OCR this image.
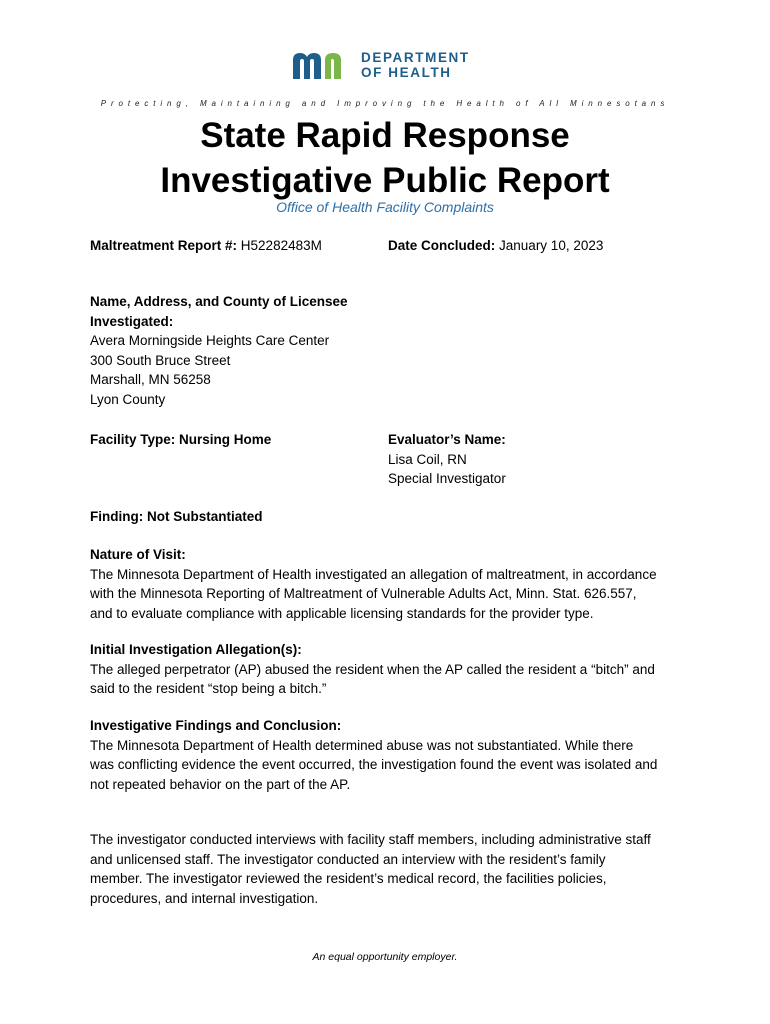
DEPARTMENT
OF HEALTH
Protecting, Maintaining and Improving the Health of All Minnesotans
State Rapid Response
Investigative Public Report
Office of Health Facility Complaints
Maltreatment Report #: H52282483M	Date Concluded: January 10, 2023
Name, Address, and County of Licensee
Investigated:
Avera Morningside Heights Care Center
300 South Bruce Street
Marshall, MN 56258
Lyon County
Facility Type: Nursing Home	Evaluator’s Name:
Lisa Coil, RN
Special Investigator
Finding: Not Substantiated
Nature of Visit:
The Minnesota Department of Health investigated an allegation of maltreatment, in accordance
with the Minnesota Reporting of Maltreatment of Vulnerable Adults Act, Minn. Stat. 626.557,
and to evaluate compliance with applicable licensing standards for the provider type.
Initial Investigation Allegation(s):
The alleged perpetrator (AP) abused the resident when the AP called the resident a “bitch” and
said to the resident “stop being a bitch.”
Investigative Findings and Conclusion:
The Minnesota Department of Health determined abuse was not substantiated. While there
was conflicting evidence the event occurred, the investigation found the event was isolated and
not repeated behavior on the part of the AP.
The investigator conducted interviews with facility staff members, including administrative staff
and unlicensed staff. The investigator conducted an interview with the resident’s family
member. The investigator reviewed the resident’s medical record, the facilities policies,
procedures, and internal investigation.
An equal opportunity employer.
